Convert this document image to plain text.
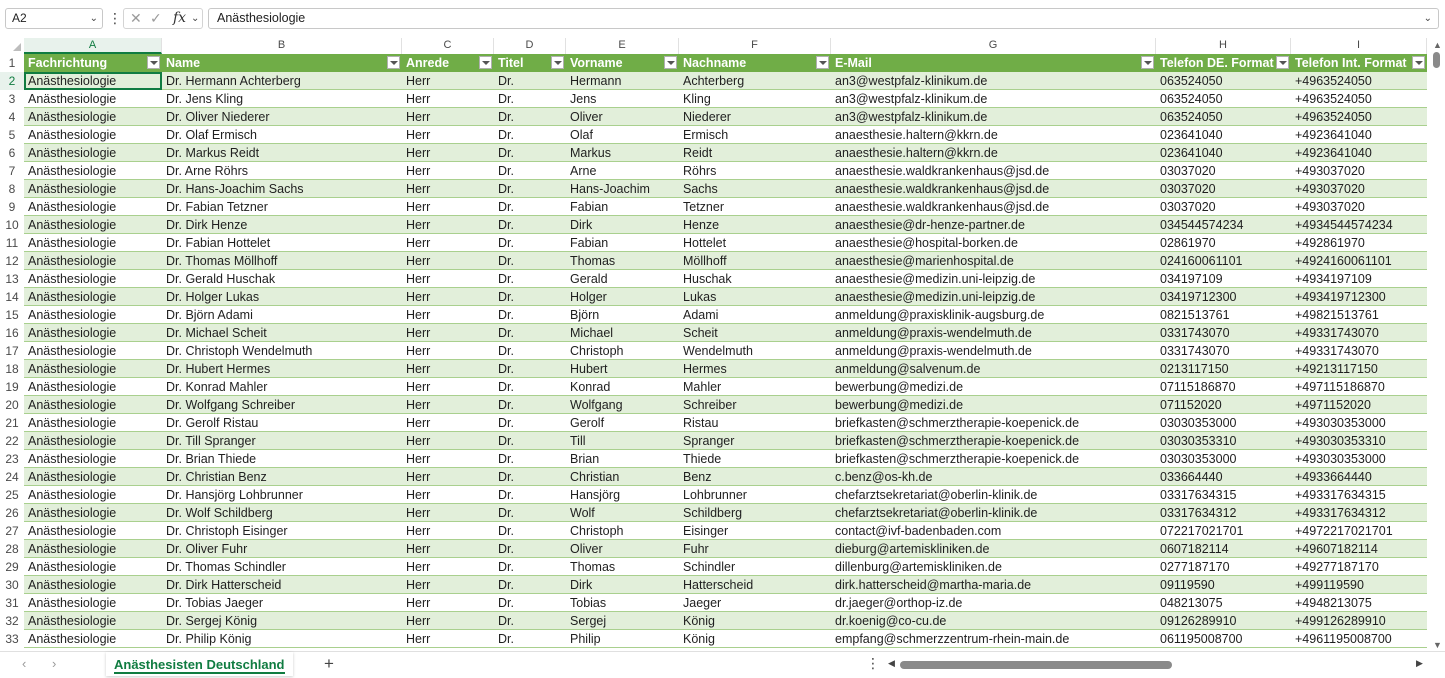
A2	⌄ ⋮ ✕ ✓ fx ⌄	Anästhesiologie	⌄
A	B	C	D	E	F	G	H	I
1	Fachrichtung	Name	Anrede	Titel	Vorname	Nachname	E-Mail	Telefon DE. Format	Telefon Int. Format
2	Anästhesiologie	Dr. Hermann Achterberg	Herr	Dr.	Hermann	Achterberg	an3@westpfalz-klinikum.de	063524050	+4963524050
3	Anästhesiologie	Dr. Jens Kling	Herr	Dr.	Jens	Kling	an3@westpfalz-klinikum.de	063524050	+4963524050
4	Anästhesiologie	Dr. Oliver Niederer	Herr	Dr.	Oliver	Niederer	an3@westpfalz-klinikum.de	063524050	+4963524050
5	Anästhesiologie	Dr. Olaf Ermisch	Herr	Dr.	Olaf	Ermisch	anaesthesie.haltern@kkrn.de	023641040	+4923641040
6	Anästhesiologie	Dr. Markus Reidt	Herr	Dr.	Markus	Reidt	anaesthesie.haltern@kkrn.de	023641040	+4923641040
7	Anästhesiologie	Dr. Arne Röhrs	Herr	Dr.	Arne	Röhrs	anaesthesie.waldkrankenhaus@jsd.de	03037020	+493037020
8	Anästhesiologie	Dr. Hans-Joachim Sachs	Herr	Dr.	Hans-Joachim	Sachs	anaesthesie.waldkrankenhaus@jsd.de	03037020	+493037020
9	Anästhesiologie	Dr. Fabian Tetzner	Herr	Dr.	Fabian	Tetzner	anaesthesie.waldkrankenhaus@jsd.de	03037020	+493037020
10 Anästhesiologie	Dr. Dirk Henze	Herr	Dr.	Dirk	Henze	anaesthesie@dr-henze-partner.de	034544574234	+4934544574234
11 Anästhesiologie	Dr. Fabian Hottelet	Herr	Dr.	Fabian	Hottelet	anaesthesie@hospital-borken.de	02861970	+492861970
12 Anästhesiologie	Dr. Thomas Möllhoff	Herr	Dr.	Thomas	Möllhoff	anaesthesie@marienhospital.de	024160061101	+4924160061101
13 Anästhesiologie	Dr. Gerald Huschak	Herr	Dr.	Gerald	Huschak	anaesthesie@medizin.uni-leipzig.de	034197109	+4934197109
14 Anästhesiologie	Dr. Holger Lukas	Herr	Dr.	Holger	Lukas	anaesthesie@medizin.uni-leipzig.de	03419712300	+493419712300
15 Anästhesiologie	Dr. Björn Adami	Herr	Dr.	Björn	Adami	anmeldung@praxisklinik-augsburg.de	0821513761	+49821513761
16 Anästhesiologie	Dr. Michael Scheit	Herr	Dr.	Michael	Scheit	anmeldung@praxis-wendelmuth.de	0331743070	+49331743070
17 Anästhesiologie	Dr. Christoph Wendelmuth	Herr	Dr.	Christoph	Wendelmuth	anmeldung@praxis-wendelmuth.de	0331743070	+49331743070
18 Anästhesiologie	Dr. Hubert Hermes	Herr	Dr.	Hubert	Hermes	anmeldung@salvenum.de	0213117150	+49213117150
19 Anästhesiologie	Dr. Konrad Mahler	Herr	Dr.	Konrad	Mahler	bewerbung@medizi.de	07115186870	+497115186870
20 Anästhesiologie	Dr. Wolfgang Schreiber	Herr	Dr.	Wolfgang	Schreiber	bewerbung@medizi.de	071152020	+4971152020
21 Anästhesiologie	Dr. Gerolf Ristau	Herr	Dr.	Gerolf	Ristau	briefkasten@schmerztherapie-koepenick.de	03030353000	+493030353000
22 Anästhesiologie	Dr. Till Spranger	Herr	Dr.	Till	Spranger	briefkasten@schmerztherapie-koepenick.de	03030353310	+493030353310
23 Anästhesiologie	Dr. Brian Thiede	Herr	Dr.	Brian	Thiede	briefkasten@schmerztherapie-koepenick.de	03030353000	+493030353000
24 Anästhesiologie	Dr. Christian Benz	Herr	Dr.	Christian	Benz	c.benz@os-kh.de	033664440	+4933664440
25 Anästhesiologie	Dr. Hansjörg Lohbrunner	Herr	Dr.	Hansjörg	Lohbrunner	chefarztsekretariat@oberlin-klinik.de	03317634315	+493317634315
26 Anästhesiologie	Dr. Wolf Schildberg	Herr	Dr.	Wolf	Schildberg	chefarztsekretariat@oberlin-klinik.de	03317634312	+493317634312
27 Anästhesiologie	Dr. Christoph Eisinger	Herr	Dr.	Christoph	Eisinger	contact@ivf-badenbaden.com	072217021701	+4972217021701
28 Anästhesiologie	Dr. Oliver Fuhr	Herr	Dr.	Oliver	Fuhr	dieburg@artemiskliniken.de	0607182114	+49607182114
29 Anästhesiologie	Dr. Thomas Schindler	Herr	Dr.	Thomas	Schindler	dillenburg@artemiskliniken.de	0277187170	+49277187170
30 Anästhesiologie	Dr. Dirk Hatterscheid	Herr	Dr.	Dirk	Hatterscheid	dirk.hatterscheid@martha-maria.de	09119590	+499119590
31 Anästhesiologie	Dr. Tobias Jaeger	Herr	Dr.	Tobias	Jaeger	dr.jaeger@orthop-iz.de	048213075	+4948213075
32 Anästhesiologie	Dr. Sergej König	Herr	Dr.	Sergej	König	dr.koenig@co-cu.de	09126289910	+499126289910
33 Anästhesiologie	Dr. Philip König	Herr	Dr.	Philip	König	empfang@schmerzzentrum-rhein-main.de	061195008700	+4961195008700
▲
▼
‹ ›	Anästhesisten Deutschland	+	⋮ ◀	▶
